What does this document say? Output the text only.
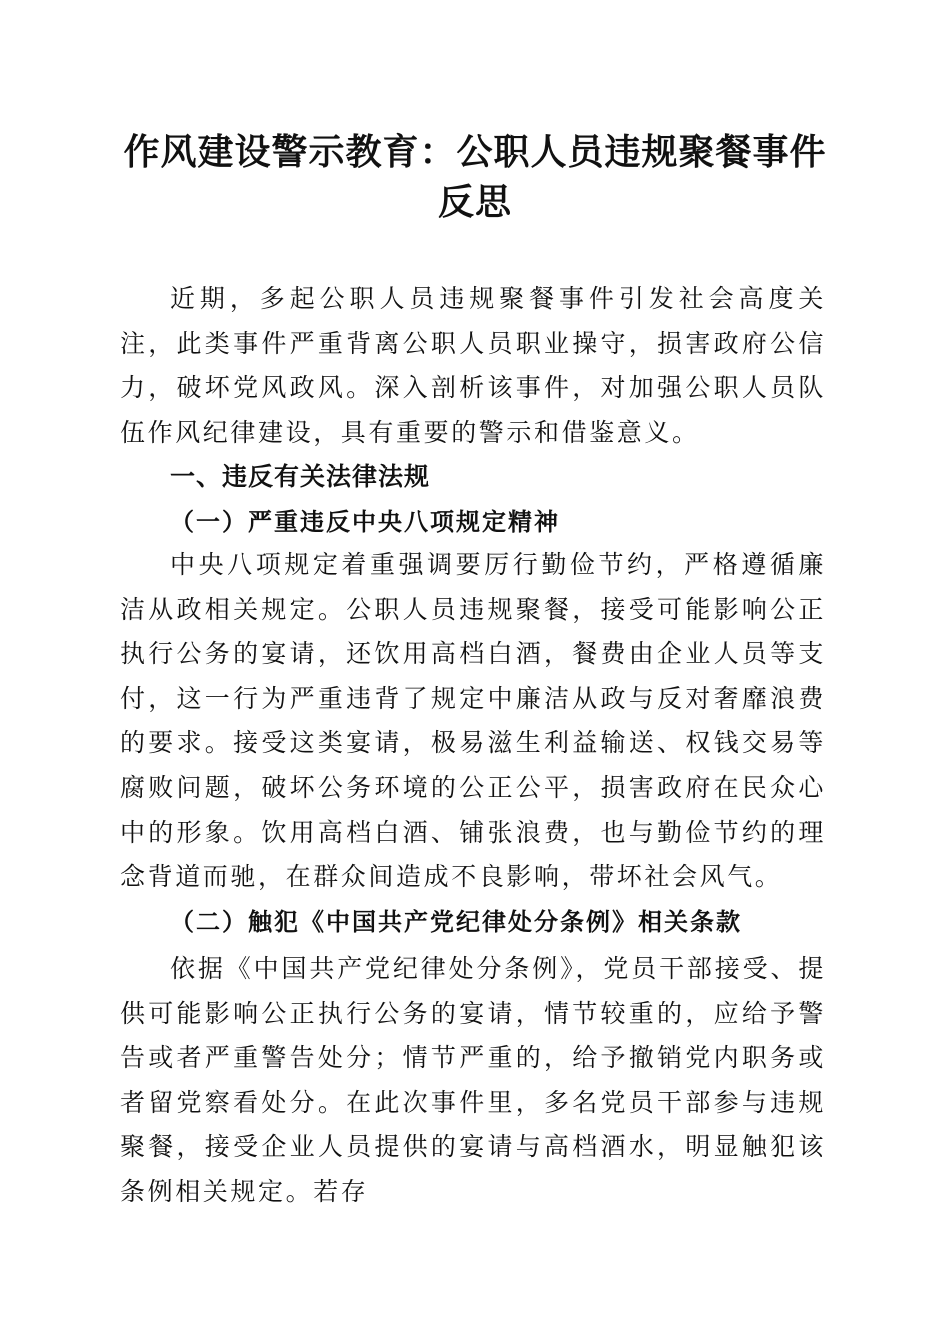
作风建设警示教育：公职人员违规聚餐事件反思

近期，多起公职人员违规聚餐事件引发社会高度关注，此类事件严重背离公职人员职业操守，损害政府公信力，破坏党风政风。深入剖析该事件，对加强公职人员队伍作风纪律建设，具有重要的警示和借鉴意义。

一、违反有关法律法规
（一）严重违反中央八项规定精神

中央八项规定着重强调要厉行勤俭节约，严格遵循廉洁从政相关规定。公职人员违规聚餐，接受可能影响公正执行公务的宴请，还饮用高档白酒，餐费由企业人员等支付，这一行为严重违背了规定中廉洁从政与反对奢靡浪费的要求。接受这类宴请，极易滋生利益输送、权钱交易等腐败问题，破坏公务环境的公正公平，损害政府在民众心中的形象。饮用高档白酒、铺张浪费，也与勤俭节约的理念背道而驰，在群众间造成不良影响，带坏社会风气。

（二）触犯《中国共产党纪律处分条例》相关条款

依据《中国共产党纪律处分条例》，党员干部接受、提供可能影响公正执行公务的宴请，情节较重的，应给予警告或者严重警告处分；情节严重的，给予撤销党内职务或者留党察看处分。在此次事件里，多名党员干部参与违规聚餐，接受企业人员提供的宴请与高档酒水，明显触犯该条例相关规定。若存
